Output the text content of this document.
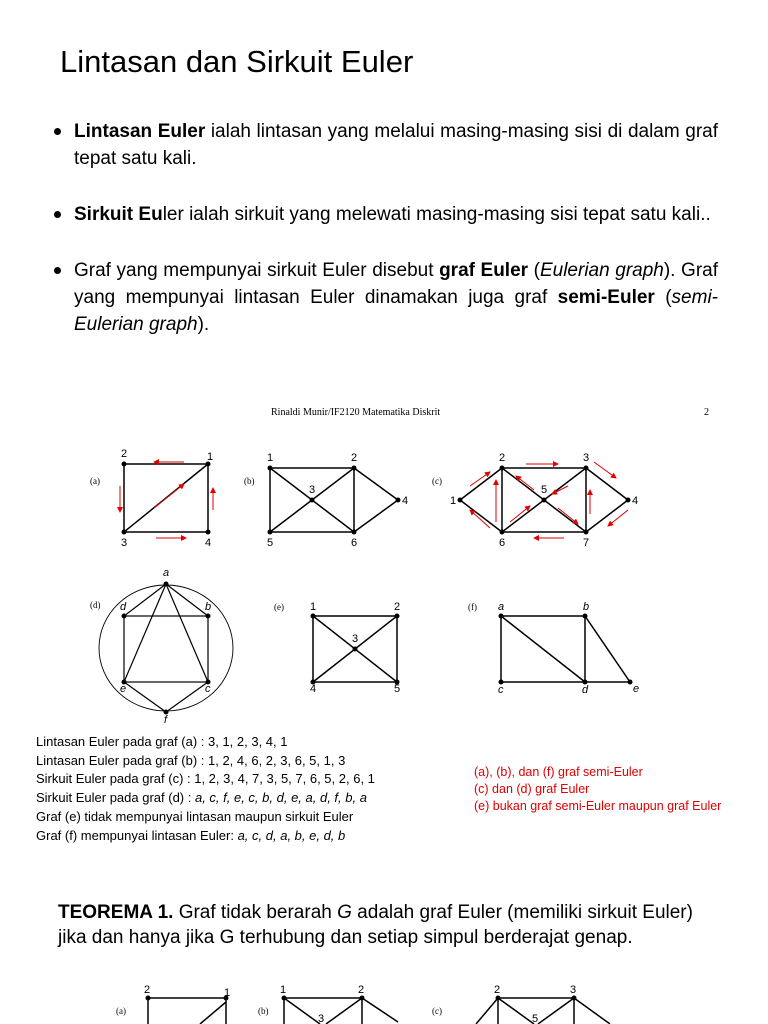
Lintasan dan Sirkuit Euler
Lintasan Euler ialah lintasan yang melalui masing-masing sisi di dalam graf tepat satu kali.
Sirkuit Euler ialah sirkuit yang melewati masing-masing sisi tepat satu kali..
Graf yang mempunyai sirkuit Euler disebut graf Euler (Eulerian graph). Graf yang mempunyai lintasan Euler dinamakan juga graf semi-Euler (semi-Eulerian graph).
Rinaldi Munir/IF2120 Matematika Diskrit	2
(a)
1
2
3	4
(b)
1	2
3
4
5	6
(c)
1
2	3
4
5
6	7
(d)
a
b
c
d
e
f
(e) 1	2
3
4	5
(f) a	b
c	d	e
Lintasan Euler pada graf (a) : 3, 1, 2, 3, 4, 1
Lintasan Euler pada graf (b) : 1, 2, 4, 6, 2, 3, 6, 5, 1, 3
Sirkuit Euler pada graf (c) : 1, 2, 3, 4, 7, 3, 5, 7, 6, 5, 2, 6, 1
Sirkuit Euler pada graf (d) : a, c, f, e, c, b, d, e, a, d, f, b, a
Graf (e) tidak mempunyai lintasan maupun sirkuit Euler
Graf (f) mempunyai lintasan Euler: a, c, d, a, b, e, d, b
(a), (b), dan (f) graf semi-Euler
(c) dan (d) graf Euler
(e) bukan graf semi-Euler maupun graf Euler
TEOREMA 1. Graf tidak berarah G adalah graf Euler (memiliki sirkuit Euler) jika dan hanya jika G terhubung dan setiap simpul berderajat genap.
(a)
2	1
(b)
1	2
3
(c)
2	3
5
